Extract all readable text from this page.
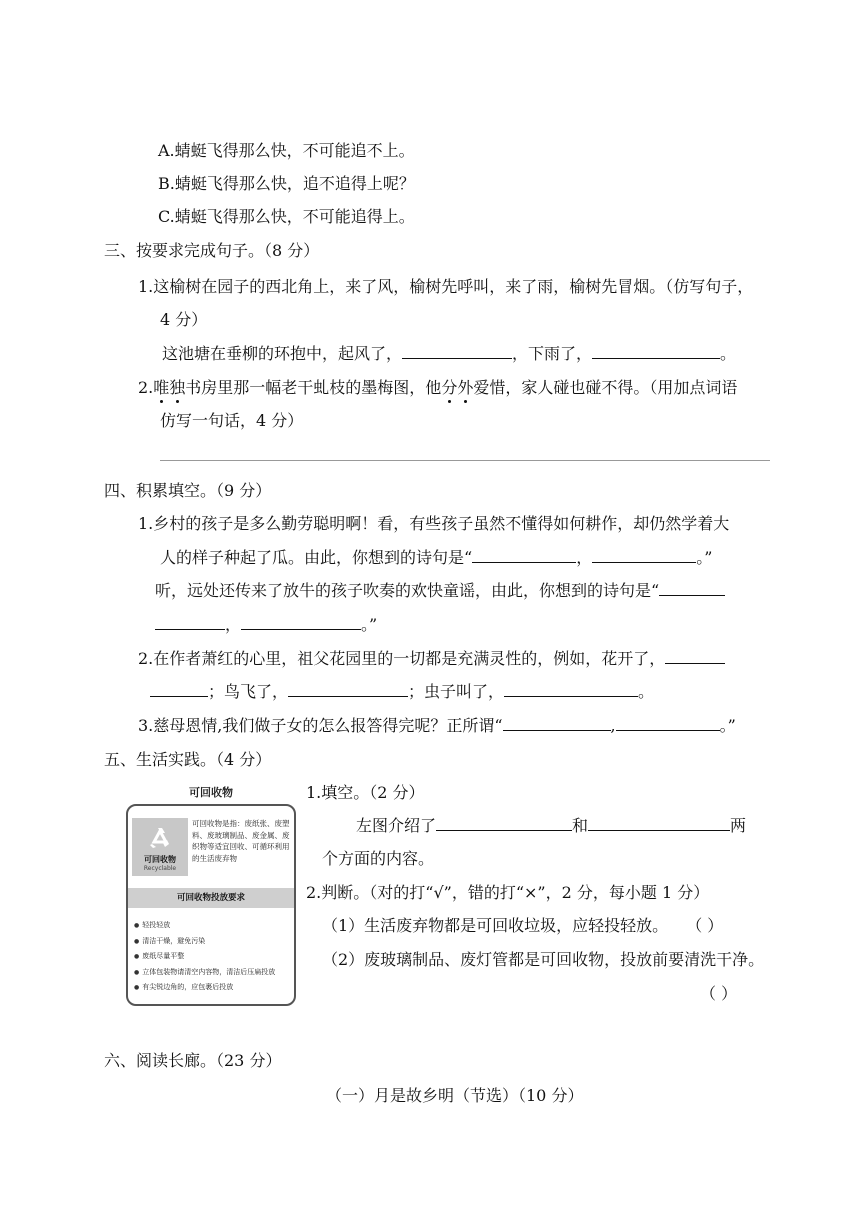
A.蜻蜓飞得那么快，不可能追不上。
B.蜻蜓飞得那么快，追不追得上呢？
C.蜻蜓飞得那么快，不可能追得上。
三、按要求完成句子。（8 分）
1.这榆树在园子的西北角上，来了风，榆树先呼叫，来了雨，榆树先冒烟。（仿写句子，
4 分）
这池塘在垂柳的环抱中，起风了，	，下雨了，	。
2.唯独书房里那一幅老干虬枝的墨梅图，他分外爱惜，家人碰也碰不得。（用加点词语
仿写一句话，4 分）
四、积累填空。（9 分）
1.乡村的孩子是多么勤劳聪明啊！看，有些孩子虽然不懂得如何耕作，却仍然学着大
人的样子种起了瓜。由此，你想到的诗句是“	，	。”
听，远处还传来了放牛的孩子吹奏的欢快童谣，由此，你想到的诗句是“
，	。”
2.在作者萧红的心里，祖父花园里的一切都是充满灵性的，例如，花开了，
；鸟飞了，	；虫子叫了，	。
3.慈母恩情,我们做子女的怎么报答得完呢？正所谓“	,	。”
五、生活实践。（4 分）
可回收物
可回收物
Recyclable
可回收物是指：废纸张、废塑料、废玻璃制品、废金属、废织物等适宜回收、可循环利用的生活废弃物
可回收物投放要求
● 轻投轻放
● 清洁干燥，避免污染
● 废纸尽量平整
● 立体包装物请清空内容物，清洁后压扁投放
● 有尖锐边角的，应包裹后投放
1.填空。（2 分）
左图介绍了	和	两
个方面的内容。
2.判断。（对的打“√”，错的打“×”，2 分，每小题 1 分）
（1）生活废弃物都是可回收垃圾，应轻投轻放。 （ ）
（2）废玻璃制品、废灯管都是可回收物，投放前要清洗干净。
（ ）
六、阅读长廊。（23 分）
（一）月是故乡明（节选）（10 分）
